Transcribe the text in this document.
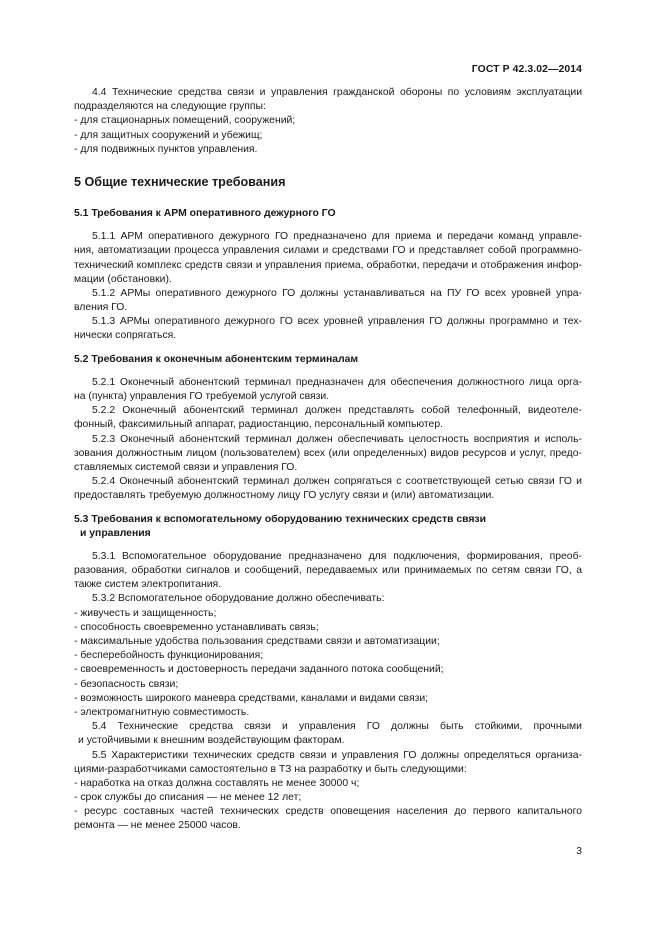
ГОСТ Р 42.3.02—2014
4.4 Технические средства связи и управления гражданской обороны по условиям эксплуатации
подразделяются на следующие группы:
- для стационарных помещений, сооружений;
- для защитных сооружений и убежищ;
- для подвижных пунктов управления.
5 Общие технические требования
5.1 Требования к АРМ оперативного дежурного ГО
5.1.1 АРМ оперативного дежурного ГО предназначено для приема и передачи команд управле-
ния, автоматизации процесса управления силами и средствами ГО и представляет собой программно-
технический комплекс средств связи и управления приема, обработки, передачи и отображения инфор-
мации (обстановки).
5.1.2 АРМы оперативного дежурного ГО должны устанавливаться на ПУ ГО всех уровней упра-
вления ГО.
5.1.3 АРМы оперативного дежурного ГО всех уровней управления ГО должны программно и тех-
нически сопрягаться.
5.2 Требования к оконечным абонентским терминалам
5.2.1 Оконечный абонентский терминал предназначен для обеспечения должностного лица орга-
на (пункта) управления ГО требуемой услугой связи.
5.2.2 Оконечный абонентский терминал должен представлять собой телефонный, видеотеле-
фонный, факсимильный аппарат, радиостанцию, персональный компьютер.
5.2.3 Оконечный абонентский терминал должен обеспечивать целостность восприятия и исполь-
зования должностным лицом (пользователем) всех (или определенных) видов ресурсов и услуг, предо-
ставляемых системой связи и управления ГО.
5.2.4 Оконечный абонентский терминал должен сопрягаться с соответствующей сетью связи ГО и
предоставлять требуемую должностному лицу ГО услугу связи и (или) автоматизации.
5.3 Требования к вспомогательному оборудованию технических средств связи
и управления
5.3.1 Вспомогательное оборудование предназначено для подключения, формирования, преоб-
разования, обработки сигналов и сообщений, передаваемых или принимаемых по сетям связи ГО, а
также систем электропитания.
5.3.2 Вспомогательное оборудование должно обеспечивать:
- живучесть и защищенность;
- способность своевременно устанавливать связь;
- максимальные удобства пользования средствами связи и автоматизации;
- бесперебойность функционирования;
- своевременность и достоверность передачи заданного потока сообщений;
- безопасность связи;
- возможность широкого маневра средствами, каналами и видами связи;
- электромагнитную совместимость.
5.4 Технические средства связи и управления ГО должны быть стойкими, прочными
и устойчивыми к внешним воздействующим факторам.
5.5 Характеристики технических средств связи и управления ГО должны определяться организа-
циями-разработчиками самостоятельно в ТЗ на разработку и быть следующими:
- наработка на отказ должна составлять не менее 30000 ч;
- срок службы до списания — не менее 12 лет;
- ресурс составных частей технических средств оповещения населения до первого капитального
ремонта — не менее 25000 часов.
3
